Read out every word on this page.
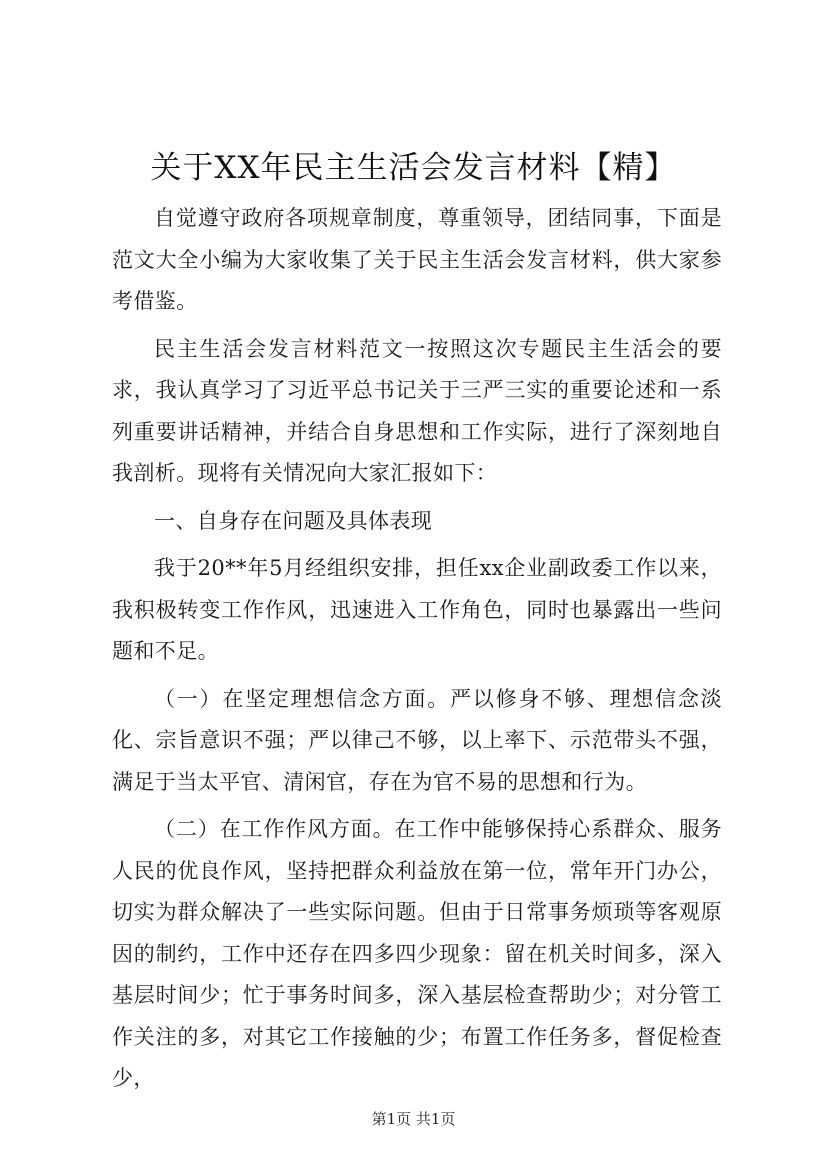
关于XX年民主生活会发言材料【精】

自觉遵守政府各项规章制度，尊重领导，团结同事，下面是范文大全小编为大家收集了关于民主生活会发言材料，供大家参考借鉴。

民主生活会发言材料范文一按照这次专题民主生活会的要求，我认真学习了习近平总书记关于三严三实的重要论述和一系列重要讲话精神，并结合自身思想和工作实际，进行了深刻地自我剖析。现将有关情况向大家汇报如下：

一、自身存在问题及具体表现

我于20**年5月经组织安排，担任xx企业副政委工作以来，我积极转变工作作风，迅速进入工作角色，同时也暴露出一些问题和不足。

（一）在坚定理想信念方面。严以修身不够、理想信念淡化、宗旨意识不强；严以律己不够，以上率下、示范带头不强，满足于当太平官、清闲官，存在为官不易的思想和行为。

（二）在工作作风方面。在工作中能够保持心系群众、服务人民的优良作风，坚持把群众利益放在第一位，常年开门办公，切实为群众解决了一些实际问题。但由于日常事务烦琐等客观原因的制约，工作中还存在四多四少现象：留在机关时间多，深入基层时间少；忙于事务时间多，深入基层检查帮助少；对分管工作关注的多，对其它工作接触的少；布置工作任务多，督促检查少，

第1页 共1页
